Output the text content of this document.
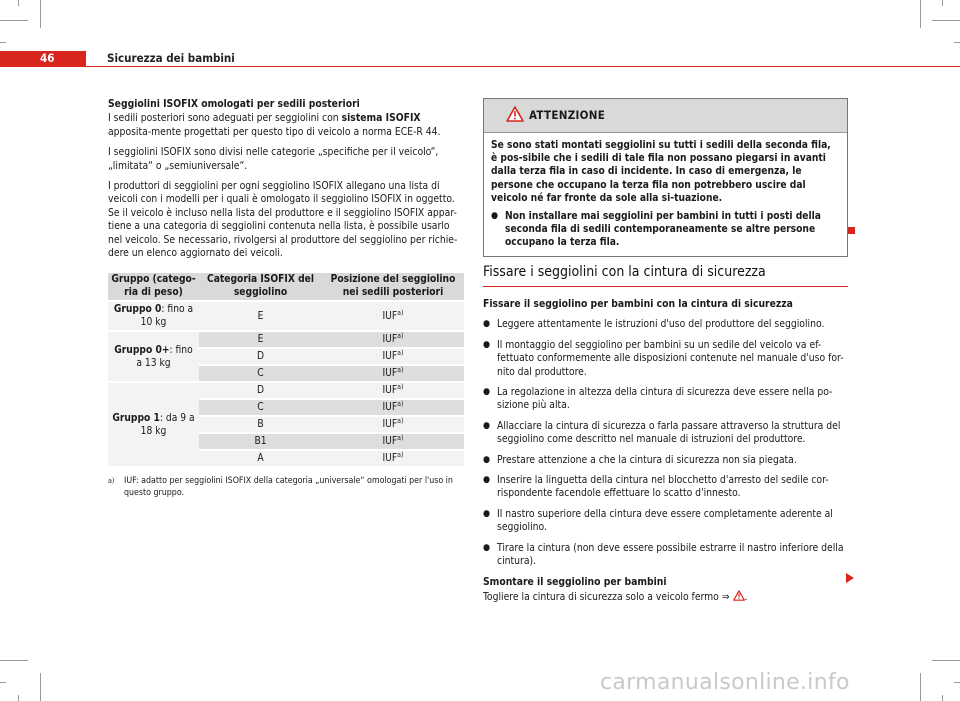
46	Sicurezza dei bambini

Seggiolini ISOFIX omologati per sedili posteriori

I sedili posteriori sono adeguati per seggiolini con sistema ISOFIX apposita-mente progettati per questo tipo di veicolo a norma ECE-R 44.

I seggiolini ISOFIX sono divisi nelle categorie „specifiche per il veicolo“, „limitata“ o „semiuniversale“.

I produttori di seggiolini per ogni seggiolino ISOFIX allegano una lista di veicoli con i modelli per i quali è omologato il seggiolino ISOFIX in oggetto. Se il veicolo è incluso nella lista del produttore e il seggiolino ISOFIX appar-tiene a una categoria di seggiolini contenuta nella lista, è possibile usarlo nel veicolo. Se necessario, rivolgersi al produttore del seggiolino per richie-dere un elenco aggiornato dei veicoli.

Gruppo (catego-ria di peso)	Categoria ISOFIX del seggiolino	Posizione del seggiolino nei sedili posteriori
Gruppo 0: fino a 10 kg	E	IUF$^{a)}$
Gruppo 0+: fino a 13 kg	E	IUF$^{a)}$
	D	IUF$^{a)}$
	C	IUF$^{a)}$
Gruppo 1: da 9 a 18 kg	D	IUF$^{a)}$
	C	IUF$^{a)}$
	B	IUF$^{a)}$
	B1	IUF$^{a)}$
	A	IUF$^{a)}$
a)	IUF: adatto per seggiolini ISOFIX della categoria „universale“ omologati per l'uso in questo gruppo.
ATTENZIONE

Se sono stati montati seggiolini su tutti i sedili della seconda fila, è pos-sibile che i sedili di tale fila non possano piegarsi in avanti dalla terza fila in caso di incidente. In caso di emergenza, le persone che occupano la terza fila non potrebbero uscire dal veicolo né far fronte da sole alla si-tuazione.

● Non installare mai seggiolini per bambini in tutti i posti della seconda fila di sedili contemporaneamente se altre persone occupano la terza fila.
Fissare i seggiolini con la cintura di sicurezza

Fissare il seggiolino per bambini con la cintura di sicurezza

● Leggere attentamente le istruzioni d'uso del produttore del seggiolino.
● Il montaggio del seggiolino per bambini su un sedile del veicolo va ef-fettuato conformemente alle disposizioni contenute nel manuale d'uso for-nito dal produttore.
● La regolazione in altezza della cintura di sicurezza deve essere nella po-sizione più alta.
● Allacciare la cintura di sicurezza o farla passare attraverso la struttura del seggiolino come descritto nel manuale di istruzioni del produttore.
● Prestare attenzione a che la cintura di sicurezza non sia piegata.
● Inserire la linguetta della cintura nel blocchetto d'arresto del sedile cor-rispondente facendole effettuare lo scatto d'innesto.
● Il nastro superiore della cintura deve essere completamente aderente al seggiolino.
● Tirare la cintura (non deve essere possibile estrarre il nastro inferiore della cintura).

Smontare il seggiolino per bambini

Togliere la cintura di sicurezza solo a veicolo fermo ⇒ .

carmanualsonline.info
